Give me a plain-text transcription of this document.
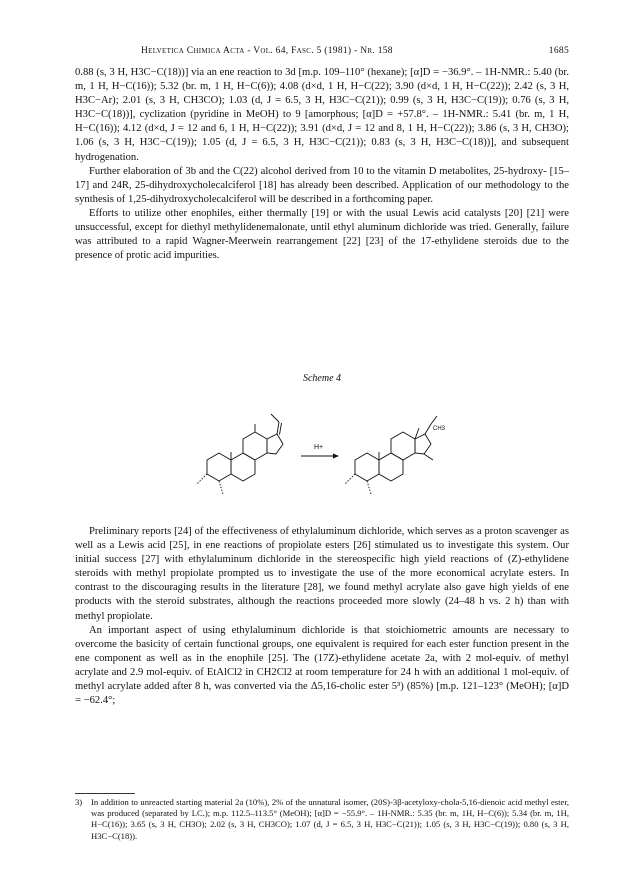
Helvetica Chimica Acta - Vol. 64, Fasc. 5 (1981) - Nr. 158	1685

0.88 (s, 3 H, H3C−C(18))] via an ene reaction to 3d [m.p. 109–110° (hexane); [α]D = −36.9°. – 1H-NMR.: 5.40 (br. m, 1 H, H−C(16)); 5.32 (br. m, 1 H, H−C(6)); 4.08 (d×d, 1 H, H−C(22); 3.90 (d×d, 1 H, H−C(22)); 2.42 (s, 3 H, H3C−Ar); 2.01 (s, 3 H, CH3CO); 1.03 (d, J = 6.5, 3 H, H3C−C(21)); 0.99 (s, 3 H, H3C−C(19)); 0.76 (s, 3 H, H3C−C(18))], cyclization (pyridine in MeOH) to 9 [amorphous; [α]D = +57.8°. – 1H-NMR.: 5.41 (br. m, 1 H, H−C(16)); 4.12 (d×d, J = 12 and 6, 1 H, H−C(22)); 3.91 (d×d, J = 12 and 8, 1 H, H−C(22)); 3.86 (s, 3 H, CH3O); 1.06 (s, 3 H, H3C−C(19)); 1.05 (d, J = 6.5, 3 H, H3C−C(21)); 0.83 (s, 3 H, H3C−C(18))], and subsequent hydrogenation.

Further elaboration of 3b and the C(22) alcohol derived from 10 to the vitamin D metabolites, 25-hydroxy- [15–17] and 24R, 25-dihydroxycholecalciferol [18] has already been described. Application of our methodology to the synthesis of 1,25-dihydroxycholecalciferol will be described in a forthcoming paper.

Efforts to utilize other enophiles, either thermally [19] or with the usual Lewis acid catalysts [20] [21] were unsuccessful, except for diethyl methylidenemalonate, until ethyl aluminum dichloride was tried. Generally, failure was attributed to a rapid Wagner-Meerwein rearrangement [22] [23] of the 17-ethylidene steroids due to the presence of protic acid impurities.

Scheme 4
H+
CH3

Preliminary reports [24] of the effectiveness of ethylaluminum dichloride, which serves as a proton scavenger as well as a Lewis acid [25], in ene reactions of propiolate esters [26] stimulated us to investigate this system. Our initial success [27] with ethylaluminum dichloride in the stereospecific high yield reactions of (Z)-ethylidene steroids with methyl propiolate prompted us to investigate the use of the more economical acrylate esters. In contrast to the discouraging results in the literature [28], we found methyl acrylate also gave high yields of ene products with the steroid substrates, although the reactions proceeded more slowly (24–48 h vs. 2 h) than with methyl propiolate.

An important aspect of using ethylaluminum dichloride is that stoichiometric amounts are necessary to overcome the basicity of certain functional groups, one equivalent is required for each ester function present in the ene component as well as in the enophile [25]. The (17Z)-ethylidene acetate 2a, with 2 mol-equiv. of methyl acrylate and 2.9 mol-equiv. of EtAlCl2 in CH2Cl2 at room temperature for 24 h with an additional 1 mol-equiv. of methyl acrylate added after 8 h, was converted via the Δ5,16-cholic ester 5³) (85%) [m.p. 121–123° (MeOH); [α]D = −62.4°;

3)	In addition to unreacted starting material 2a (10%), 2% of the unnatural isomer, (20S)-3β-acetyloxy-chola-5,16-dienoic acid methyl ester, was produced (separated by LC.); m.p. 112.5–113.5° (MeOH); [α]D = −55.9°. – 1H-NMR.: 5.35 (br. m, 1H, H−C(6)); 5.34 (br. m, 1H, H−C(16)); 3.65 (s, 3 H, CH3O); 2.02 (s, 3 H, CH3CO); 1.07 (d, J = 6.5, 3 H, H3C−C(21)); 1.05 (s, 3 H, H3C−C(19)); 0.80 (s, 3 H, H3C−C(18)).
